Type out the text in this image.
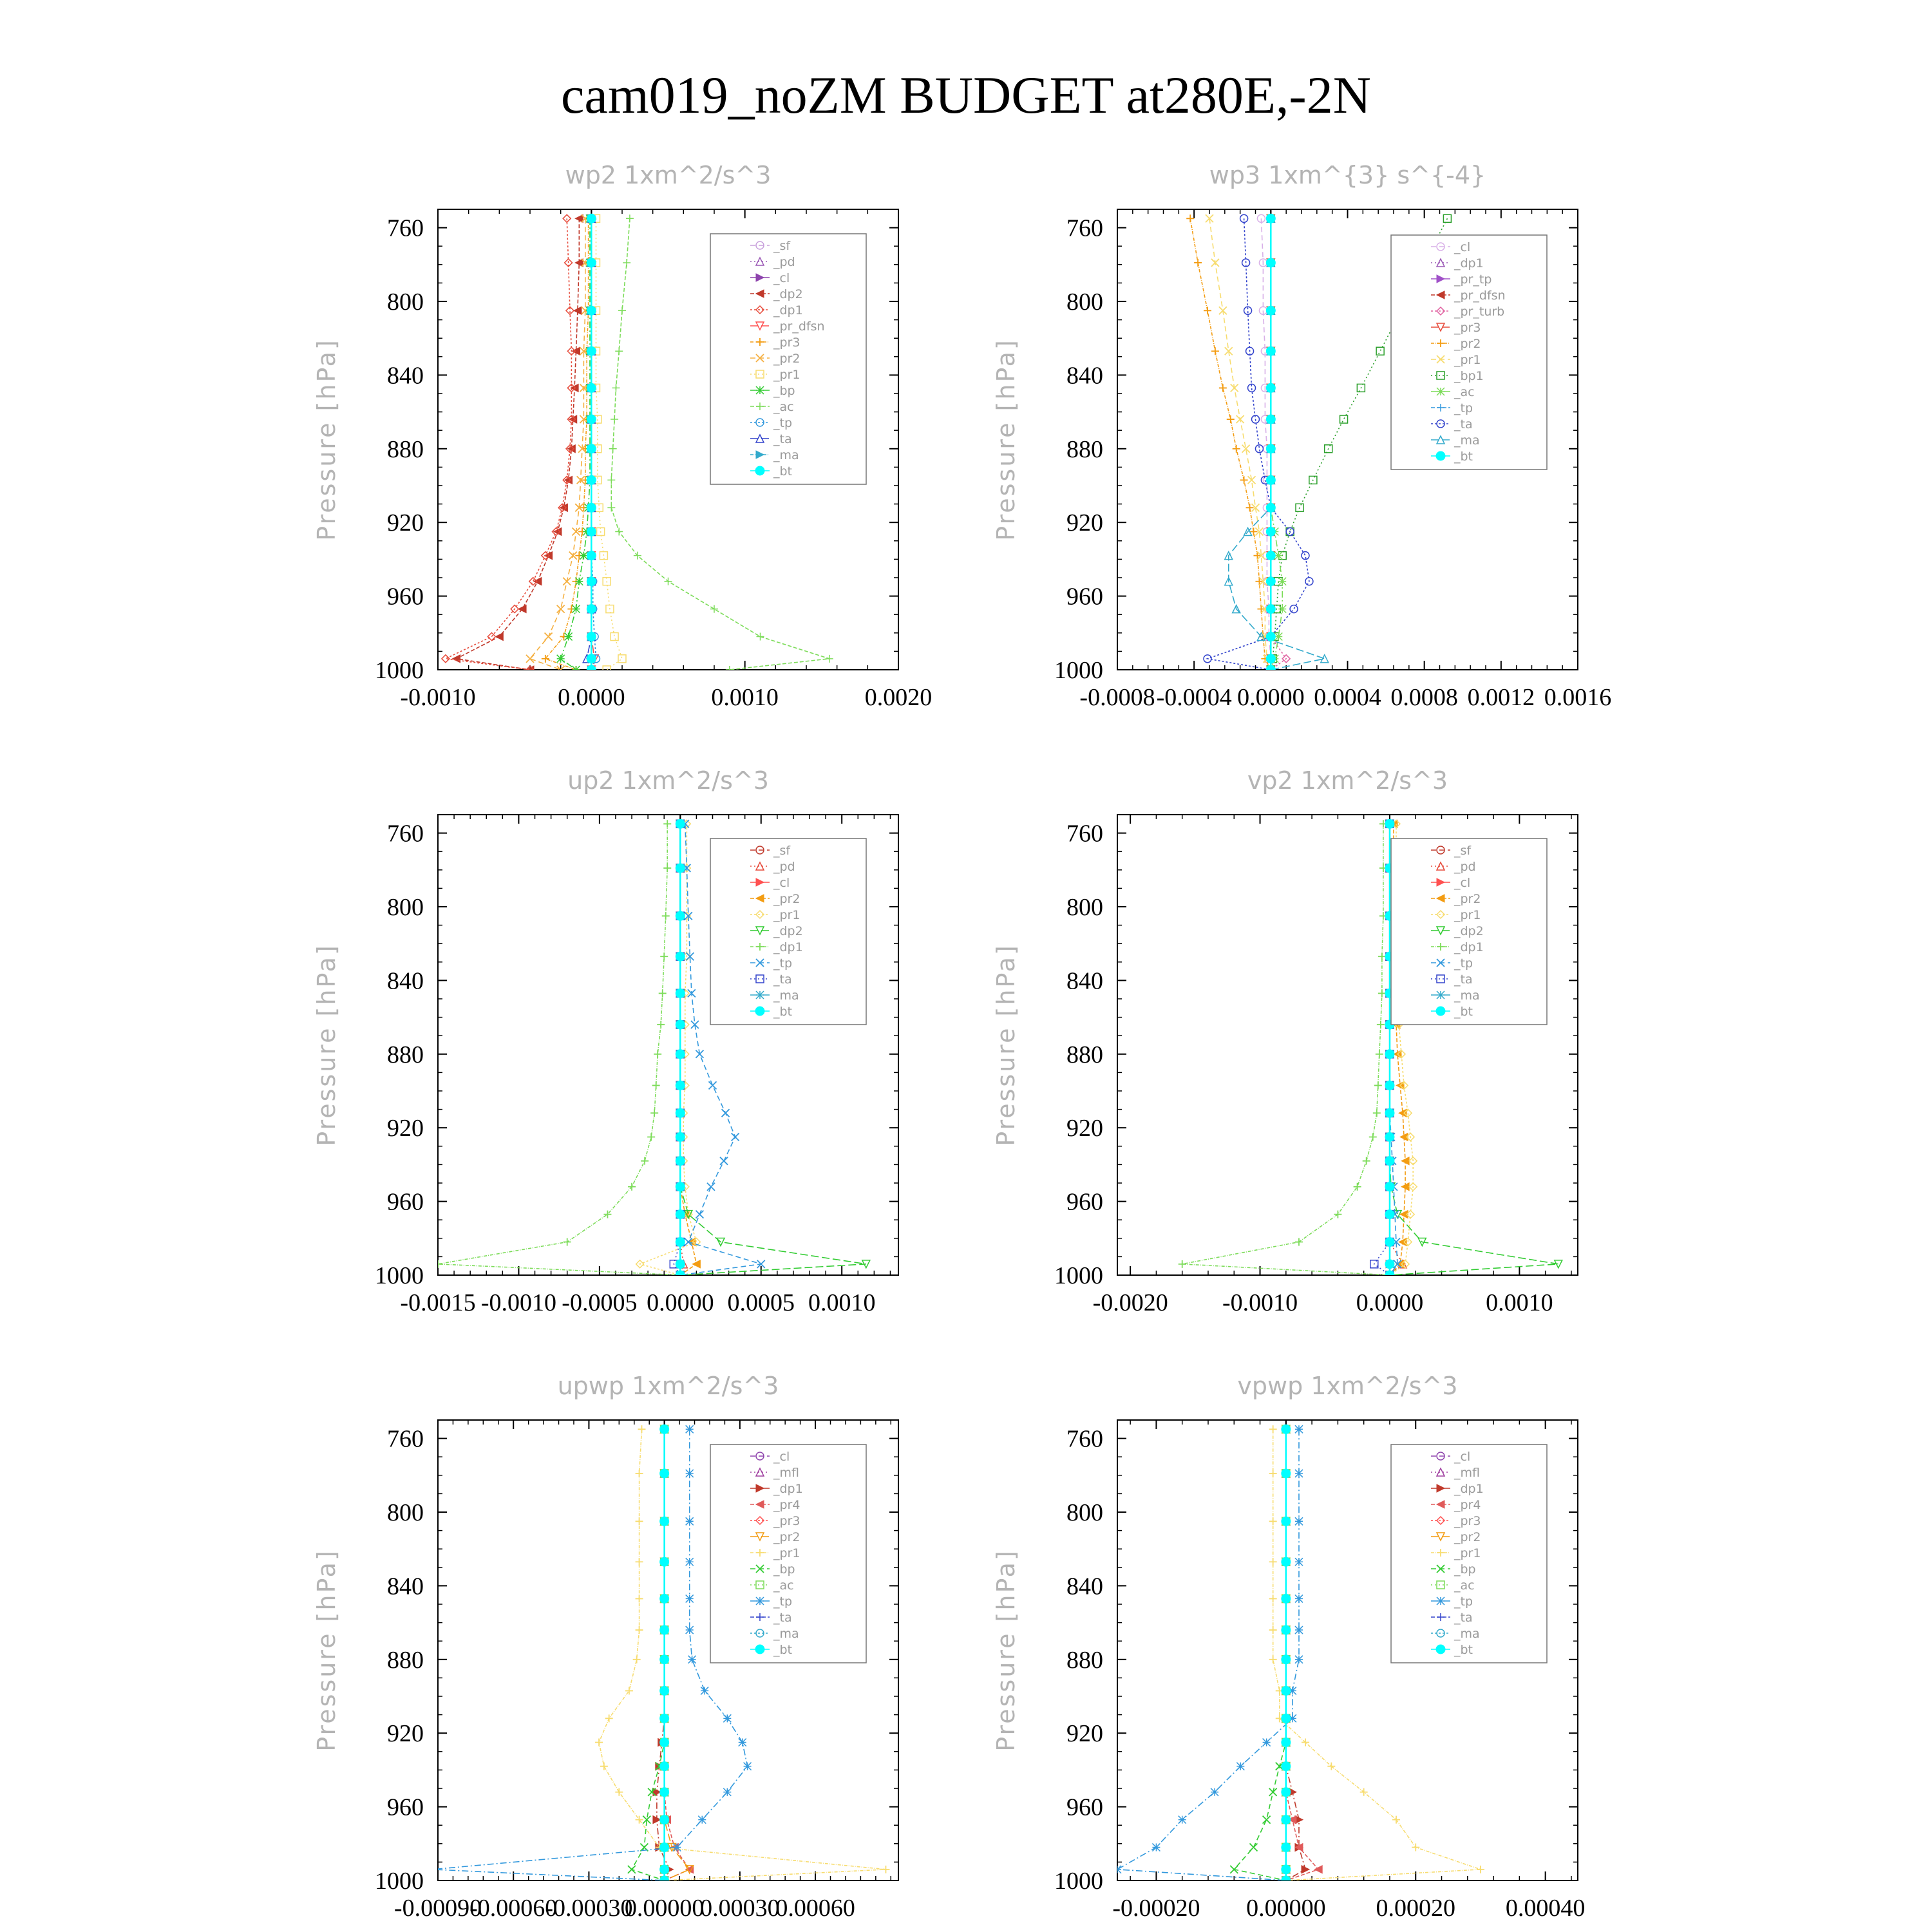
cam019_noZM BUDGET at280E,-2N
wp2 1xm^2/s^3
Pressure [hPa]
760
800
840
880
920
960
1000
-0.0010	0.0000	0.0010	0.0020
_sf
_pd
_cl
_dp2
_dp1
_pr_dfsn
_pr3
_pr2
_pr1
_bp
_ac
_tp
_ta
_ma
_bt
wp3 1xm^{3} s^{-4}
Pressure [hPa]
760
800
840
880
920
960
1000
-0.0008 -0.0004 0.0000 0.0004 0.0008 0.0012 0.0016
_cl
_dp1
_pr_tp
_pr_dfsn
_pr_turb
_pr3
_pr2
_pr1
_bp1
_ac
_tp
_ta
_ma
_bt
up2 1xm^2/s^3
Pressure [hPa]
760
800
840
880
920
960
1000
-0.0015 -0.0010 -0.0005 0.0000 0.0005 0.0010
_sf
_pd
_cl
_pr2
_pr1
_dp2
_dp1
_tp
_ta
_ma
_bt
vp2 1xm^2/s^3
Pressure [hPa]
760
800
840
880
920
960
1000
-0.0020 -0.0010 0.0000	0.0010
_sf
_pd
_cl
_pr2
_pr1
_dp2
_dp1
_tp
_ta
_ma
_bt
upwp 1xm^2/s^3
Pressure [hPa]
760
800
840
880
920
960
1000
-0.00090
-0.00060
-0.00030
0.00000
0.00030
0.00060
_cl
_mfl
_dp1
_pr4
_pr3
_pr2
_pr1
_bp
_ac
_tp
_ta
_ma
_bt
vpwp 1xm^2/s^3
Pressure [hPa]
760
800
840
880
920
960
1000
-0.00020 0.00000 0.00020 0.00040
_cl
_mfl
_dp1
_pr4
_pr3
_pr2
_pr1
_bp
_ac
_tp
_ta
_ma
_bt
